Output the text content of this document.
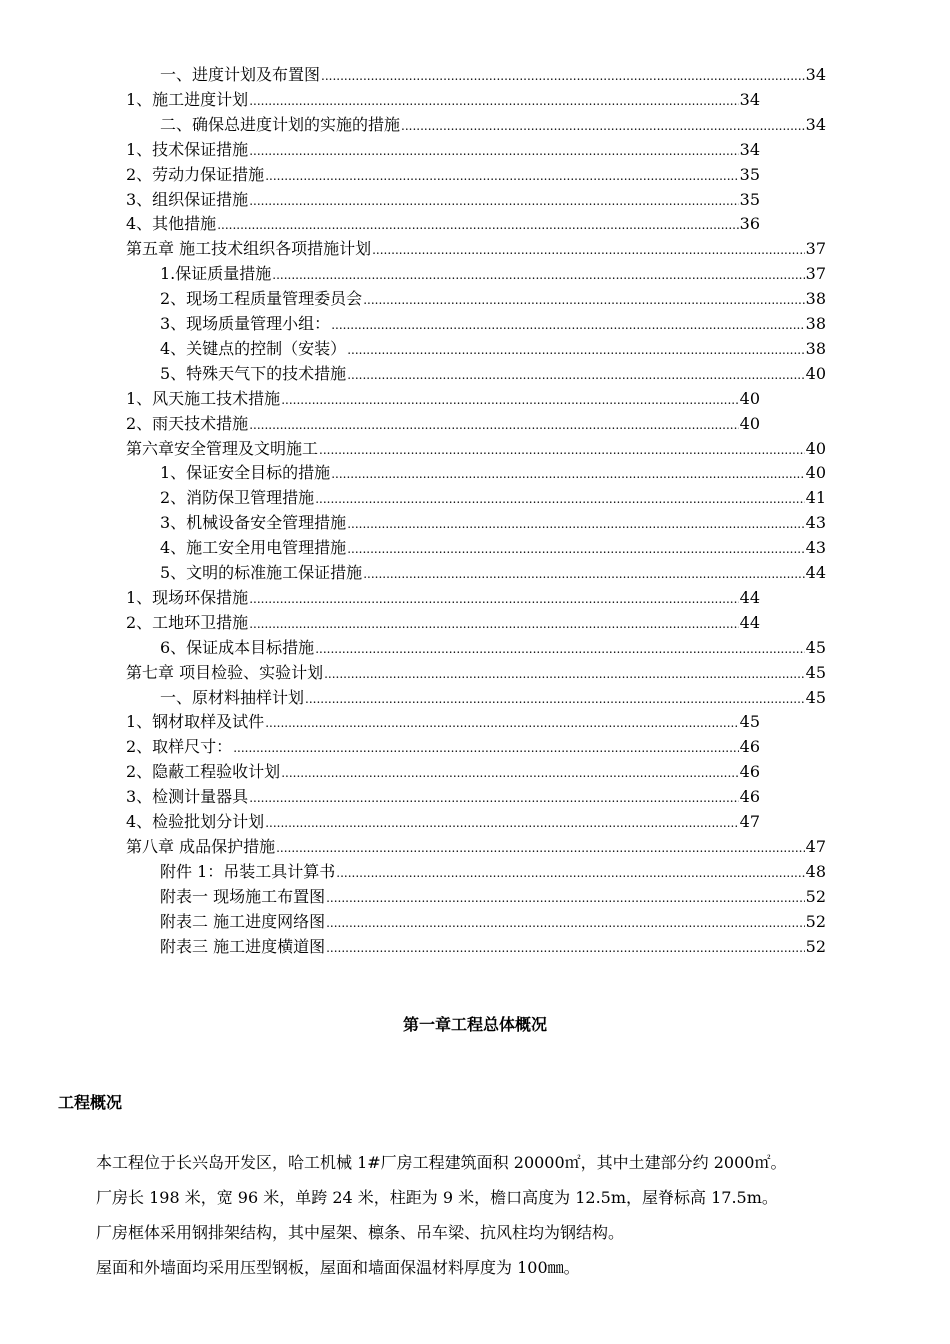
一、进度计划及布置图 .....	34
1、施工进度计划 .....	34
二、确保总进度计划的实施的措施 .....	34
1、技术保证措施 .....	34
2、劳动力保证措施 .....	35
3、组织保证措施 .....	35
4、其他措施 .....	36
第五章 施工技术组织各项措施计划 .....	37
1.保证质量措施 .....	37
2、现场工程质量管理委员会 .....	38
3、现场质量管理小组： .....	38
4、关键点的控制（安装） .....	38
5、特殊天气下的技术措施 .....	40
1、风天施工技术措施 .....	40
2、雨天技术措施 .....	40
第六章安全管理及文明施工 .....	40
1、保证安全目标的措施 .....	40
2、消防保卫管理措施 .....	41
3、机械设备安全管理措施 .....	43
4、施工安全用电管理措施 .....	43
5、文明的标准施工保证措施 .....	44
1、现场环保措施 .....	44
2、工地环卫措施 .....	44
6、保证成本目标措施 .....	45
第七章 项目检验、实验计划 .....	45
一、原材料抽样计划 .....	45
1、钢材取样及试件 .....	45
2、取样尺寸： .....	46
2、隐蔽工程验收计划 .....	46
3、检测计量器具 .....	46
4、检验批划分计划 .....	47
第八章 成品保护措施 .....	47
附件 1：吊装工具计算书 .....	48
附表一 现场施工布置图 .....	52
附表二 施工进度网络图 .....	52
附表三 施工进度横道图 .....	52
第一章工程总体概况
工程概况
本工程位于长兴岛开发区，哈工机械 1#厂房工程建筑面积 20000㎡，其中土建部分约 2000㎡。
厂房长 198 米，宽 96 米，单跨 24 米，柱距为 9 米，檐口高度为 12.5m，屋脊标高 17.5m。
厂房框体采用钢排架结构，其中屋架、檩条、吊车梁、抗风柱均为钢结构。
屋面和外墙面均采用压型钢板，屋面和墙面保温材料厚度为 100㎜。
